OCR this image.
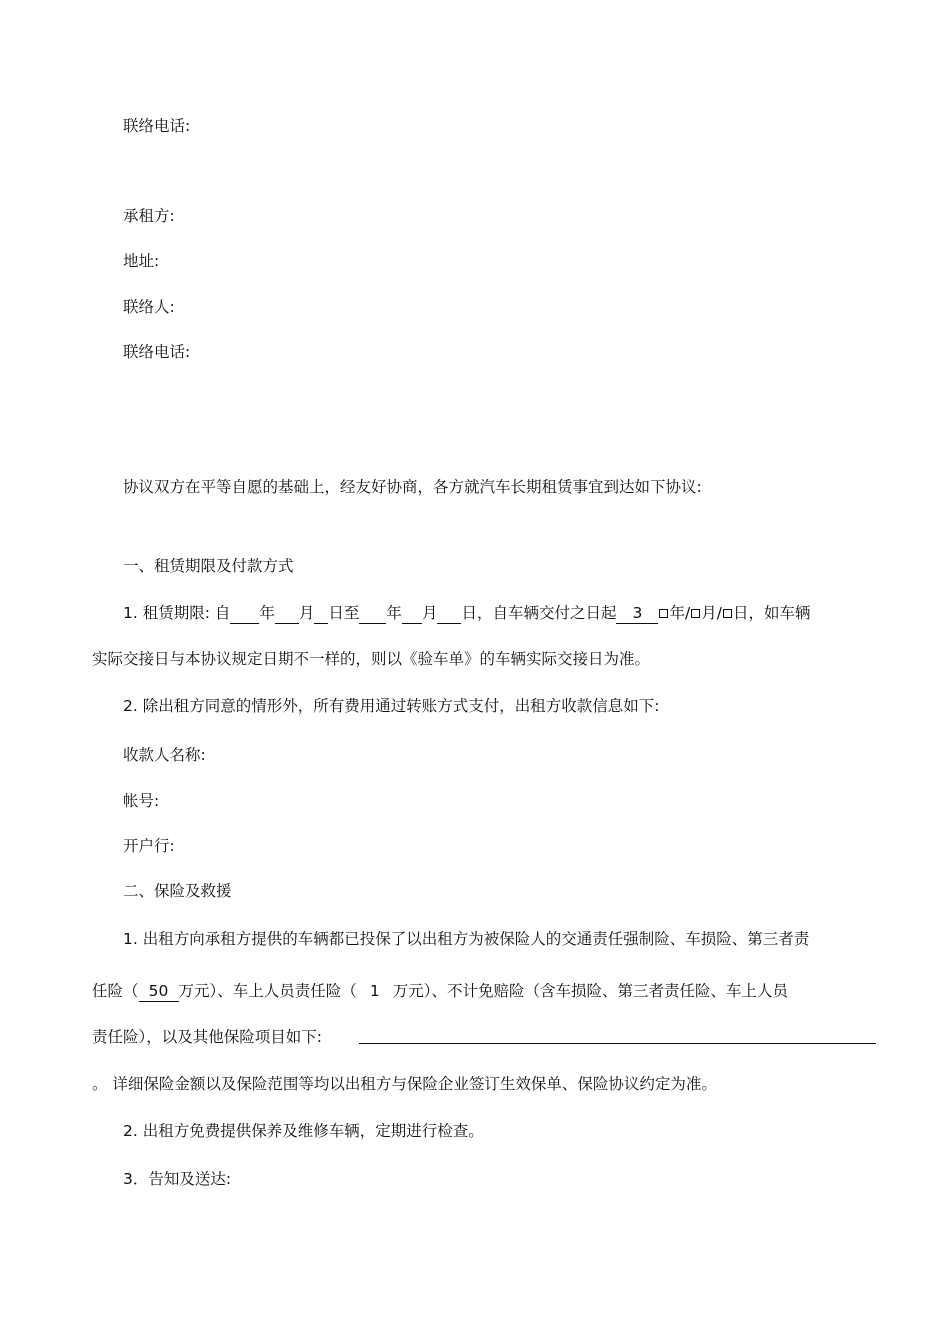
联络电话:
承租方:
地址:
联络人:
联络电话:
协议双方在平等自愿的基础上，经友好协商，各方就汽车长期租赁事宜到达如下协议:
一、租赁期限及付款方式
1. 租赁期限: 自 年 月 日至 年 月 日，自车辆交付之日起 3 年/ 月/ 日，如车辆
实际交接日与本协议规定日期不一样的，则以《验车单》的车辆实际交接日为准。
2. 除出租方同意的情形外，所有费用通过转账方式支付，出租方收款信息如下:
收款人名称:
帐号:
开户行:
二、保险及救援
1. 出租方向承租方提供的车辆都已投保了以出租方为被保险人的交通责任强制险、车损险、第三者责
任险（ 50 万元）、车上人员责任险（ 1 万元）、不计免赔险（含车损险、第三者责任险、车上人员
责任险），以及其他保险项目如下:
。 详细保险金额以及保险范围等均以出租方与保险企业签订生效保单、保险协议约定为准。
2. 出租方免费提供保养及维修车辆，定期进行检查。
3．告知及送达:
